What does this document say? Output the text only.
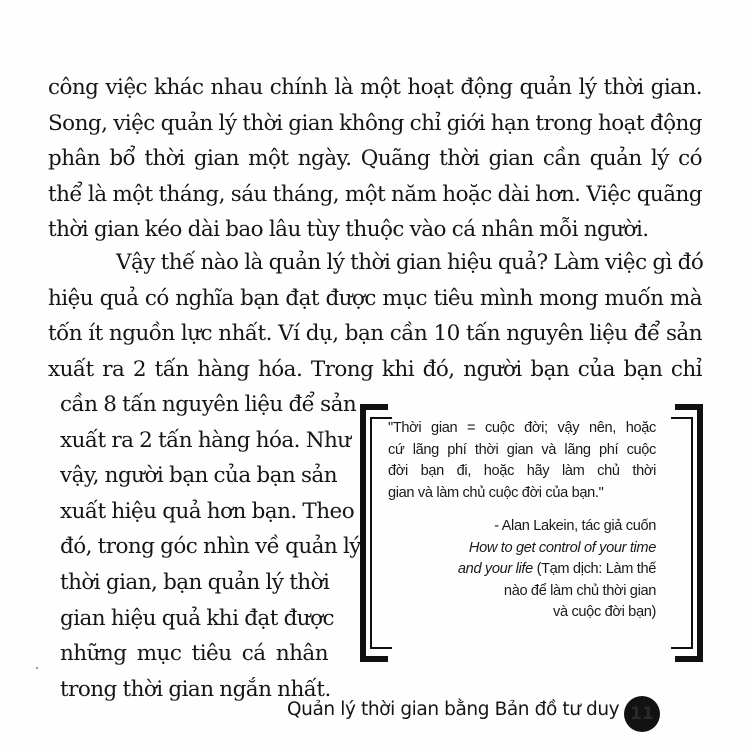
công việc khác nhau chính là một hoạt động quản lý thời gian.
Song, việc quản lý thời gian không chỉ giới hạn trong hoạt động
phân bổ thời gian một ngày. Quãng thời gian cần quản lý có
thể là một tháng, sáu tháng, một năm hoặc dài hơn. Việc quãng
thời gian kéo dài bao lâu tùy thuộc vào cá nhân mỗi người.
Vậy thế nào là quản lý thời gian hiệu quả? Làm việc gì đó
hiệu quả có nghĩa bạn đạt được mục tiêu mình mong muốn mà
tốn ít nguồn lực nhất. Ví dụ, bạn cần 10 tấn nguyên liệu để sản
xuất ra 2 tấn hàng hóa. Trong khi đó, người bạn của bạn chỉ
cần 8 tấn nguyên liệu để sản
xuất ra 2 tấn hàng hóa. Như
vậy, người bạn của bạn sản
xuất hiệu quả hơn bạn. Theo
đó, trong góc nhìn về quản lý
thời gian, bạn quản lý thời
gian hiệu quả khi đạt được
những mục tiêu cá nhân
trong thời gian ngắn nhất.
"Thời gian = cuộc đời; vậy nên, hoặc
cứ lãng phí thời gian và lãng phí cuộc
đời bạn đi, hoặc hãy làm chủ thời
gian và làm chủ cuộc đời của bạn."
- Alan Lakein, tác giả cuốn
How to get control of your time
and your life (Tạm dịch: Làm thế
nào để làm chủ thời gian
và cuộc đời bạn)
Quản lý thời gian bằng Bản đồ tư duy 11
